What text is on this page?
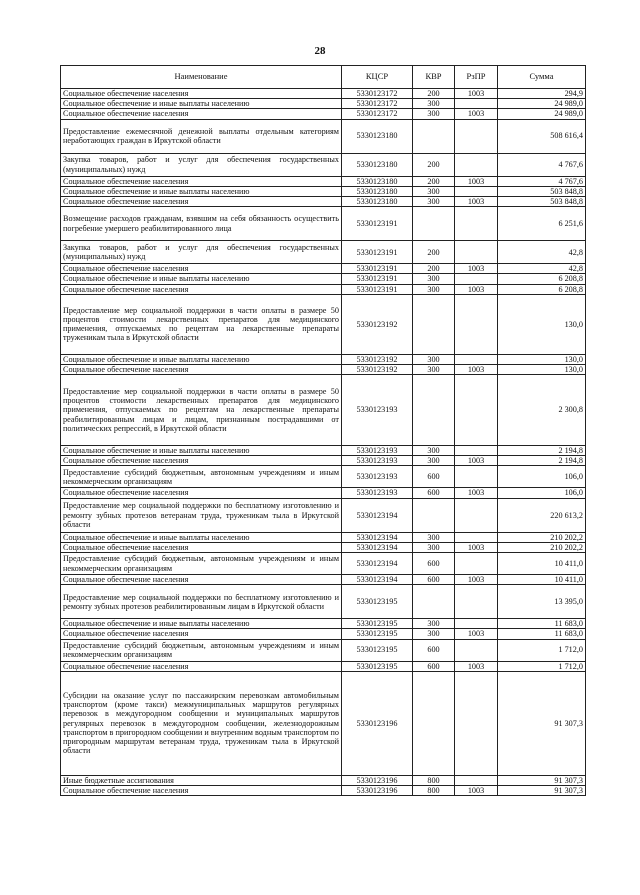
28
Наименование	КЦСР	КВР	РзПР	Сумма
Социальное обеспечение населения	5330123172	200	1003	294,9
Социальное обеспечение и иные выплаты населению	5330123172	300		24 989,0
Социальное обеспечение населения	5330123172	300	1003	24 989,0
Предоставление ежемесячной денежной выплаты отдельным категориям неработающих граждан в Иркутской области	5330123180			508 616,4
Закупка товаров, работ и услуг для обеспечения государственных (муниципальных) нужд	5330123180	200		4 767,6
Социальное обеспечение населения	5330123180	200	1003	4 767,6
Социальное обеспечение и иные выплаты населению	5330123180	300		503 848,8
Социальное обеспечение населения	5330123180	300	1003	503 848,8
Возмещение расходов гражданам, взявшим на себя обязанность осуществить погребение умершего реабилитированного лица	5330123191			6 251,6
Закупка товаров, работ и услуг для обеспечения государственных (муниципальных) нужд	5330123191	200		42,8
Социальное обеспечение населения	5330123191	200	1003	42,8
Социальное обеспечение и иные выплаты населению	5330123191	300		6 208,8
Социальное обеспечение населения	5330123191	300	1003	6 208,8
Предоставление мер социальной поддержки в части оплаты в размере 50 процентов стоимости лекарственных препаратов для медицинского применения, отпускаемых по рецептам на лекарственные препараты труженикам тыла в Иркутской области	5330123192			130,0
Социальное обеспечение и иные выплаты населению	5330123192	300		130,0
Социальное обеспечение населения	5330123192	300	1003	130,0
Предоставление мер социальной поддержки в части оплаты в размере 50 процентов стоимости лекарственных препаратов для медицинского применения, отпускаемых по рецептам на лекарственные препараты реабилитированным лицам и лицам, признанным пострадавшими от политических репрессий, в Иркутской области	5330123193			2 300,8
Социальное обеспечение и иные выплаты населению	5330123193	300		2 194,8
Социальное обеспечение населения	5330123193	300	1003	2 194,8
Предоставление субсидий бюджетным, автономным учреждениям и иным некоммерческим организациям	5330123193	600		106,0
Социальное обеспечение населения	5330123193	600	1003	106,0
Предоставление мер социальной поддержки по бесплатному изготовлению и ремонту зубных протезов ветеранам труда, труженикам тыла в Иркутской области	5330123194			220 613,2
Социальное обеспечение и иные выплаты населению	5330123194	300		210 202,2
Социальное обеспечение населения	5330123194	300	1003	210 202,2
Предоставление субсидий бюджетным, автономным учреждениям и иным некоммерческим организациям	5330123194	600		10 411,0
Социальное обеспечение населения	5330123194	600	1003	10 411,0
Предоставление мер социальной поддержки по бесплатному изготовлению и ремонту зубных протезов реабилитированным лицам в Иркутской области	5330123195			13 395,0
Социальное обеспечение и иные выплаты населению	5330123195	300		11 683,0
Социальное обеспечение населения	5330123195	300	1003	11 683,0
Предоставление субсидий бюджетным, автономным учреждениям и иным некоммерческим организациям	5330123195	600		1 712,0
Социальное обеспечение населения	5330123195	600	1003	1 712,0
Субсидии на оказание услуг по пассажирским перевозкам автомобильным транспортом (кроме такси) межмуниципальных маршрутов регулярных перевозок в междугородном сообщении и муниципальных маршрутов регулярных перевозок в междугородном сообщении, железнодорожным транспортом в пригородном сообщении и внутренним водным транспортом по пригородным маршрутам ветеранам труда, труженикам тыла в Иркутской области	5330123196			91 307,3
Иные бюджетные ассигнования	5330123196	800		91 307,3
Социальное обеспечение населения	5330123196	800	1003	91 307,3
